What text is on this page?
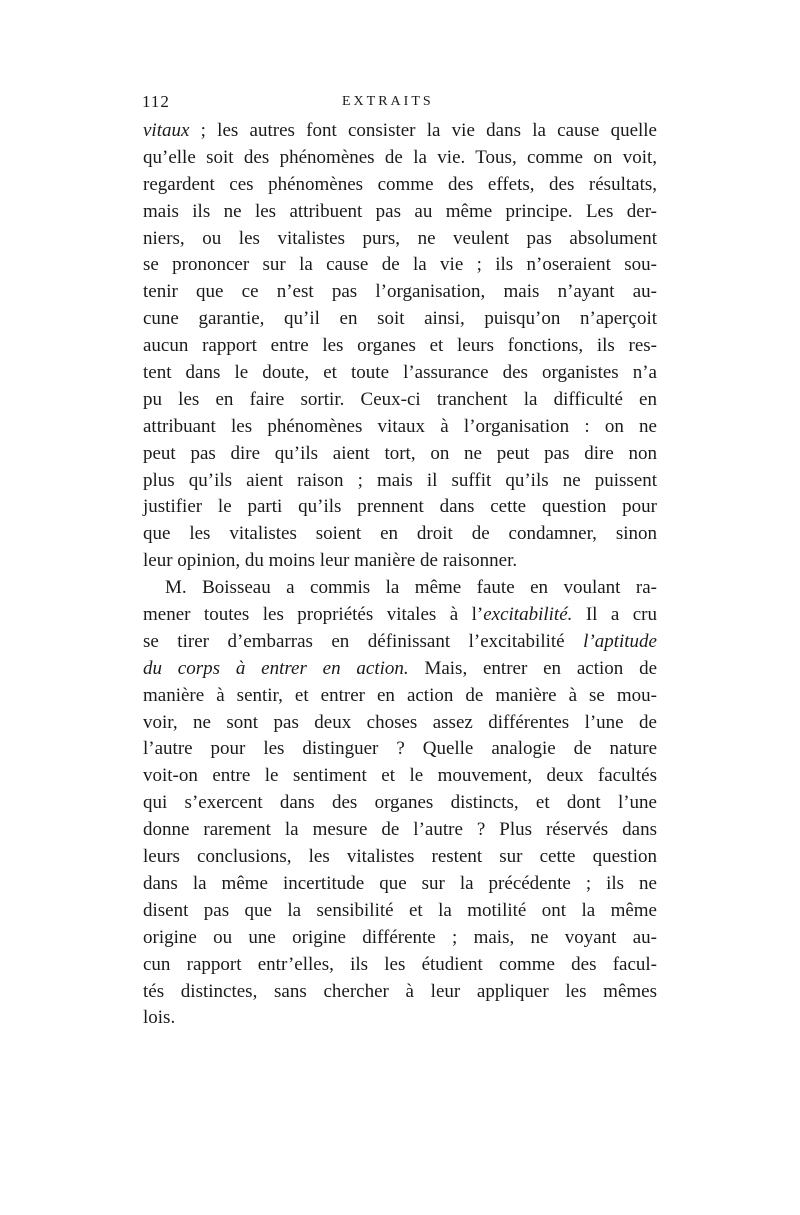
112	EXTRAITS
vitaux ; les autres font consister la vie dans la cause quelle
qu’elle soit des phénomènes de la vie. Tous, comme on voit,
regardent ces phénomènes comme des effets, des résultats,
mais ils ne les attribuent pas au même principe. Les der-
niers, ou les vitalistes purs, ne veulent pas absolument
se prononcer sur la cause de la vie ; ils n’oseraient sou-
tenir que ce n’est pas l’organisation, mais n’ayant au-
cune garantie, qu’il en soit ainsi, puisqu’on n’aperçoit
aucun rapport entre les organes et leurs fonctions, ils res-
tent dans le doute, et toute l’assurance des organistes n’a
pu les en faire sortir. Ceux-ci tranchent la difficulté en
attribuant les phénomènes vitaux à l’organisation : on ne
peut pas dire qu’ils aient tort, on ne peut pas dire non
plus qu’ils aient raison ; mais il suffit qu’ils ne puissent
justifier le parti qu’ils prennent dans cette question pour
que les vitalistes soient en droit de condamner, sinon
leur opinion, du moins leur manière de raisonner.
M. Boisseau a commis la même faute en voulant ra-
mener toutes les propriétés vitales à l’excitabilité. Il a cru
se tirer d’embarras en définissant l’excitabilité l’aptitude
du corps à entrer en action. Mais, entrer en action de
manière à sentir, et entrer en action de manière à se mou-
voir, ne sont pas deux choses assez différentes l’une de
l’autre pour les distinguer ? Quelle analogie de nature
voit-on entre le sentiment et le mouvement, deux facultés
qui s’exercent dans des organes distincts, et dont l’une
donne rarement la mesure de l’autre ? Plus réservés dans
leurs conclusions, les vitalistes restent sur cette question
dans la même incertitude que sur la précédente ; ils ne
disent pas que la sensibilité et la motilité ont la même
origine ou une origine différente ; mais, ne voyant au-
cun rapport entr’elles, ils les étudient comme des facul-
tés distinctes, sans chercher à leur appliquer les mêmes
lois.
